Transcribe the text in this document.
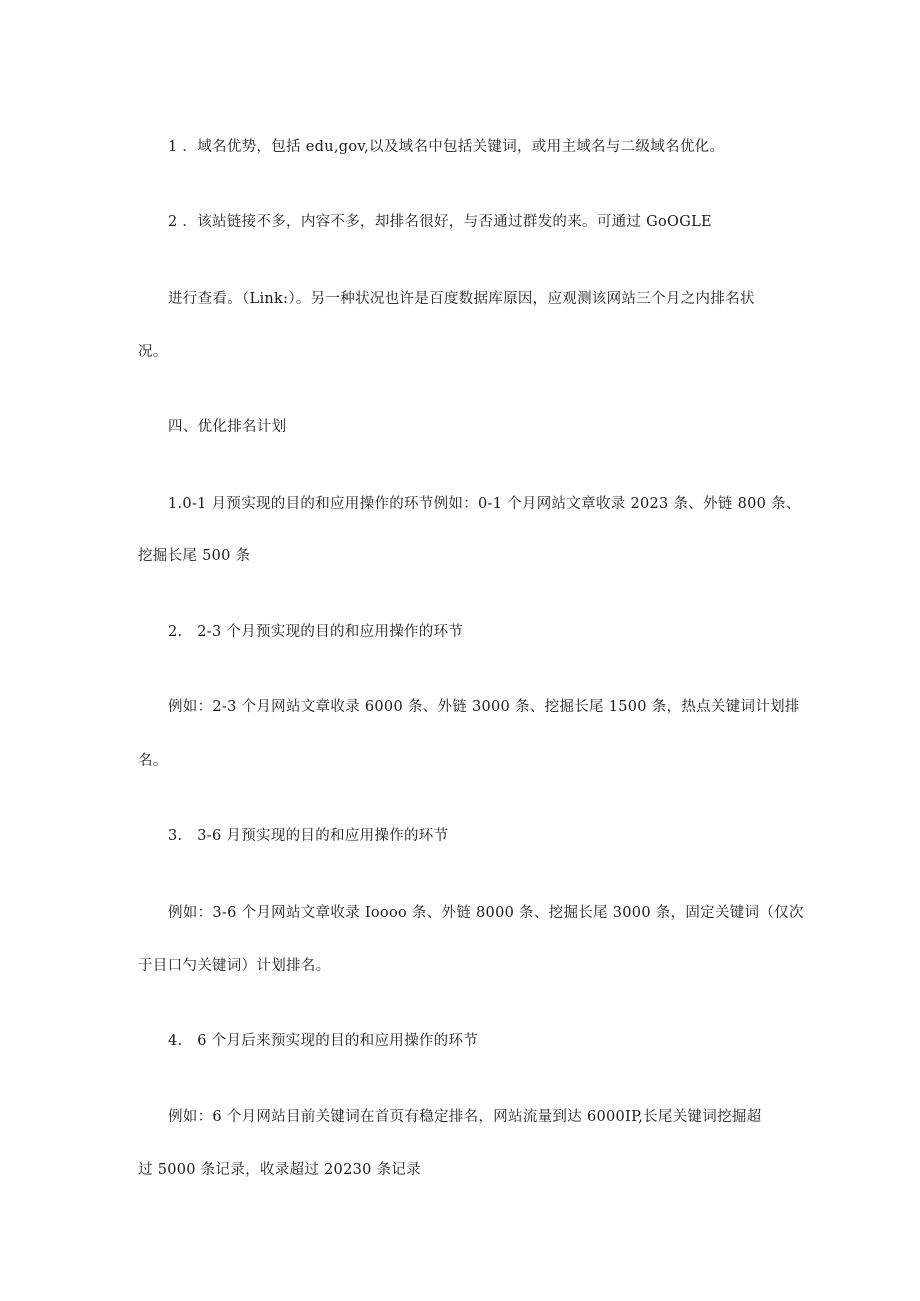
1 ．域名优势，包括 edu,gov,以及域名中包括关键词，或用主域名与二级域名优化。
2 ．该站链接不多，内容不多，却排名很好，与否通过群发的来。可通过 GoOGLE
进行查看。（Link:）。另一种状况也许是百度数据库原因，应观测该网站三个月之内排名状
况。
四、优化排名计划
1.0-1 月预实现的目的和应用操作的环节例如：0-1 个月网站文章收录 2023 条、外链 800 条、
挖掘长尾 500 条
2.　2-3 个月预实现的目的和应用操作的环节
例如：2-3 个月网站文章收录 6000 条、外链 3000 条、挖掘长尾 1500 条，热点关键词计划排
名。
3.　3-6 月预实现的目的和应用操作的环节
例如：3-6 个月网站文章收录 Ioooo 条、外链 8000 条、挖掘长尾 3000 条，固定关键词（仅次
于目口勺关键词）计划排名。
4.　6 个月后来预实现的目的和应用操作的环节
例如：6 个月网站目前关键词在首页有稳定排名，网站流量到达 6000IP,长尾关键词挖掘超
过 5000 条记录，收录超过 20230 条记录
